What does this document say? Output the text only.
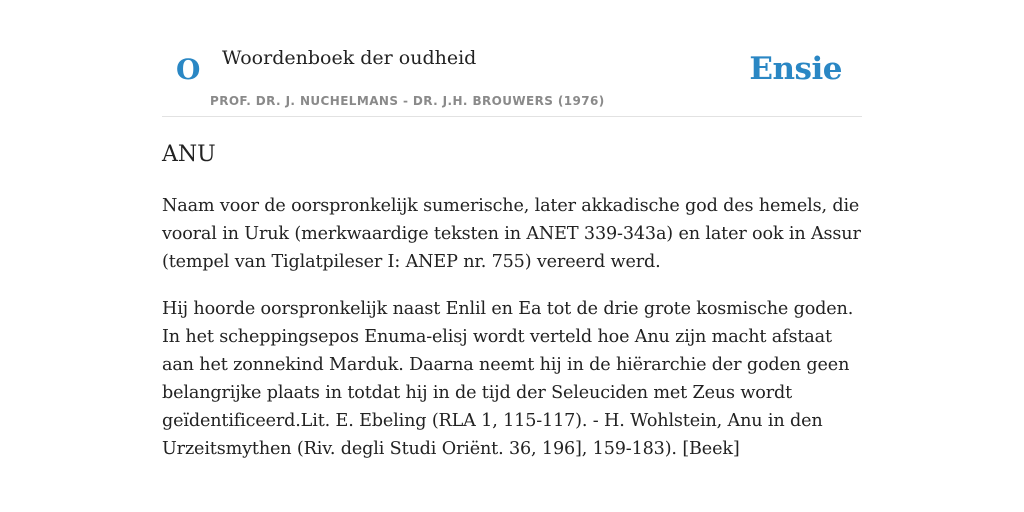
O Woordenboek der oudheid
PROF. DR. J. NUCHELMANS - DR. J.H. BROUWERS (1976)
Ensie
ANU

Naam voor de oorspronkelijk sumerische, later akkadische god des hemels, die vooral in Uruk (merkwaardige teksten in ANET 339-343a) en later ook in Assur (tempel van Tiglatpileser I: ANEP nr. 755) vereerd werd.

Hij hoorde oorspronkelijk naast Enlil en Ea tot de drie grote kosmische goden. In het scheppingsepos Enuma-elisj wordt verteld hoe Anu zijn macht afstaat aan het zonnekind Marduk. Daarna neemt hij in de hiërarchie der goden geen belangrijke plaats in totdat hij in de tijd der Seleuciden met Zeus wordt geïdentificeerd.Lit. E. Ebeling (RLA 1, 115-117). - H. Wohlstein, Anu in den Urzeitsmythen (Riv. degli Studi Oriënt. 36, 196], 159-183). [Beek]
